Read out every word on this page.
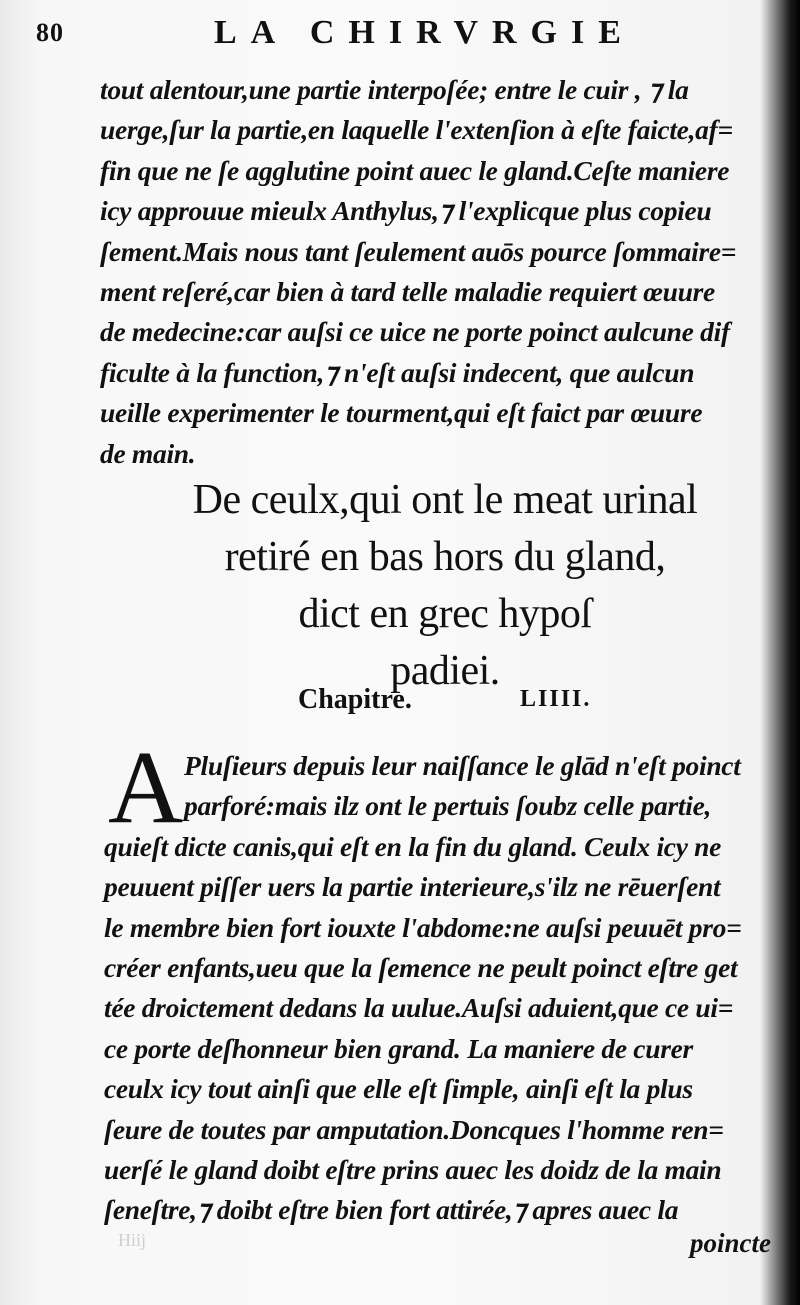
80	LA CHIRVRGIE
tout alentour,une partie interpoſée; entre le cuir , ⁊ la
uerge,ſur la partie,en laquelle l'extenſion à eſte faicte,af=
fin que ne ſe agglutine point auec le gland.Ceſte maniere
icy approuue mieulx Anthylus,⁊ l'explicque plus copieu
ſement.Mais nous tant ſeulement auōs pource ſommaire=
ment reſeré,car bien à tard telle maladie requiert œuure
de medecine:car auſsi ce uice ne porte poinct aulcune dif
ficulte à la function,⁊ n'eſt auſsi indecent, que aulcun
ueille experimenter le tourment,qui eſt faict par œuure
de main.
De ceulx,qui ont le meat urinal
retiré en bas hors du gland,
dict en grec hypoſ
padiei.
Chapitre.	LIIII.
A Pluſieurs depuis leur naiſſance le glād n'eſt poinct
parforé:mais ilz ont le pertuis ſoubz celle partie,
quieſt dicte canis,qui eſt en la fin du gland. Ceulx icy ne
peuuent piſſer uers la partie interieure,s'ilz ne rēuerſent
le membre bien fort iouxte l'abdome:ne auſsi peuuēt pro=
créer enfants,ueu que la ſemence ne peult poinct eſtre get
tée droictement dedans la uulue.Auſsi aduient,que ce ui=
ce porte deſhonneur bien grand. La maniere de curer
ceulx icy tout ainſi que elle eſt ſimple, ainſi eſt la plus
ſeure de toutes par amputation.Doncques l'homme ren=
uerſé le gland doibt eſtre prins auec les doidz de la main
ſeneſtre,⁊ doibt eſtre bien fort attirée,⁊ apres auec la
Hiij	poincte
